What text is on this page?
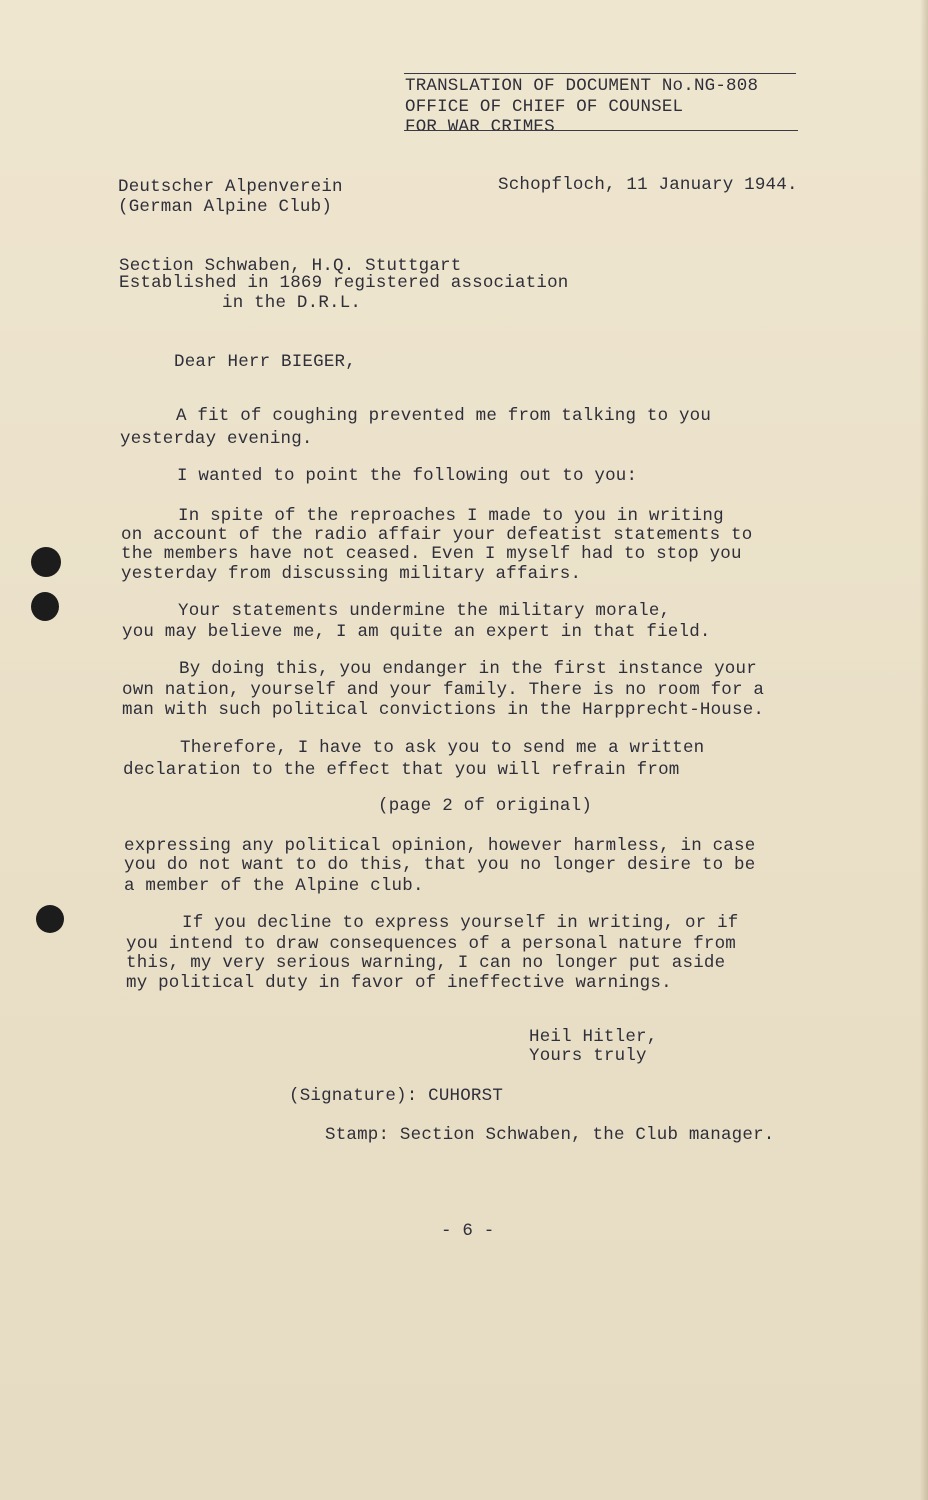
TRANSLATION OF DOCUMENT No.NG-808
OFFICE OF CHIEF OF COUNSEL
FOR WAR CRIMES
Deutscher Alpenverein
(German Alpine Club)
Schopfloch, 11 January 1944.
Section Schwaben, H.Q. Stuttgart
Established in 1869 registered association
in the D.R.L.
Dear Herr BIEGER,
A fit of coughing prevented me from talking to you
yesterday evening.
I wanted to point the following out to you:
In spite of the reproaches I made to you in writing
on account of the radio affair your defeatist statements to
the members have not ceased. Even I myself had to stop you
yesterday from discussing military affairs.
Your statements undermine the military morale,
you may believe me, I am quite an expert in that field.
By doing this, you endanger in the first instance your
own nation, yourself and your family. There is no room for a
man with such political convictions in the Harpprecht-House.
Therefore, I have to ask you to send me a written
declaration to the effect that you will refrain from
(page 2 of original)
expressing any political opinion, however harmless, in case
you do not want to do this, that you no longer desire to be
a member of the Alpine club.
If you decline to express yourself in writing, or if
you intend to draw consequences of a personal nature from
this, my very serious warning, I can no longer put aside
my political duty in favor of ineffective warnings.
Heil Hitler,
Yours truly
(Signature): CUHORST
Stamp: Section Schwaben, the Club manager.
- 6 -
